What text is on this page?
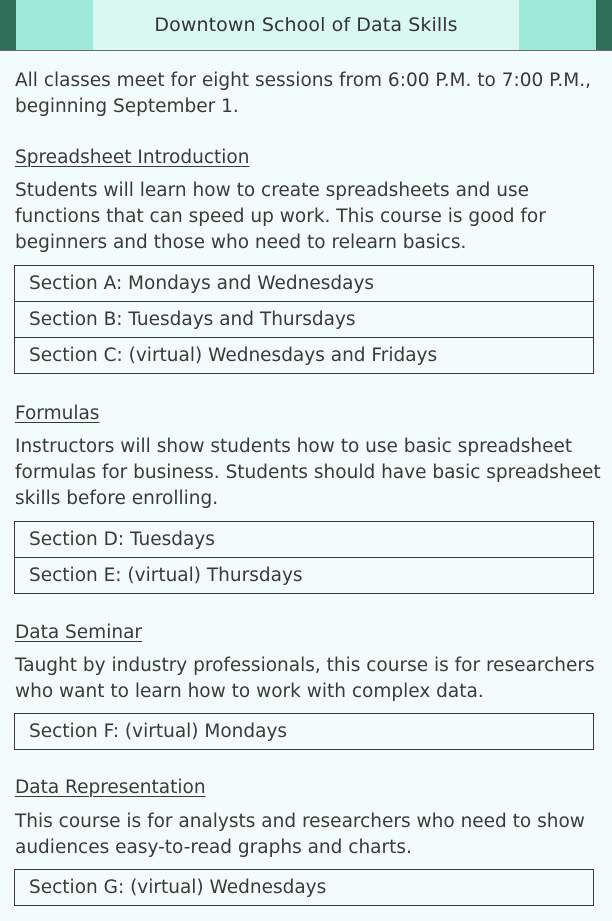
Downtown School of Data Skills

All classes meet for eight sessions from 6:00 P.M. to 7:00 P.M., beginning September 1.

Spreadsheet Introduction

Students will learn how to create spreadsheets and use functions that can speed up work. This course is good for beginners and those who need to relearn basics.

Section A: Mondays and Wednesdays
Section B: Tuesdays and Thursdays
Section C: (virtual) Wednesdays and Fridays
Formulas

Instructors will show students how to use basic spreadsheet formulas for business. Students should have basic spreadsheet skills before enrolling.

Section D: Tuesdays
Section E: (virtual) Thursdays
Data Seminar

Taught by industry professionals, this course is for researchers who want to learn how to work with complex data.

Section F: (virtual) Mondays
Data Representation

This course is for analysts and researchers who need to show audiences easy-to-read graphs and charts.

Section G: (virtual) Wednesdays
